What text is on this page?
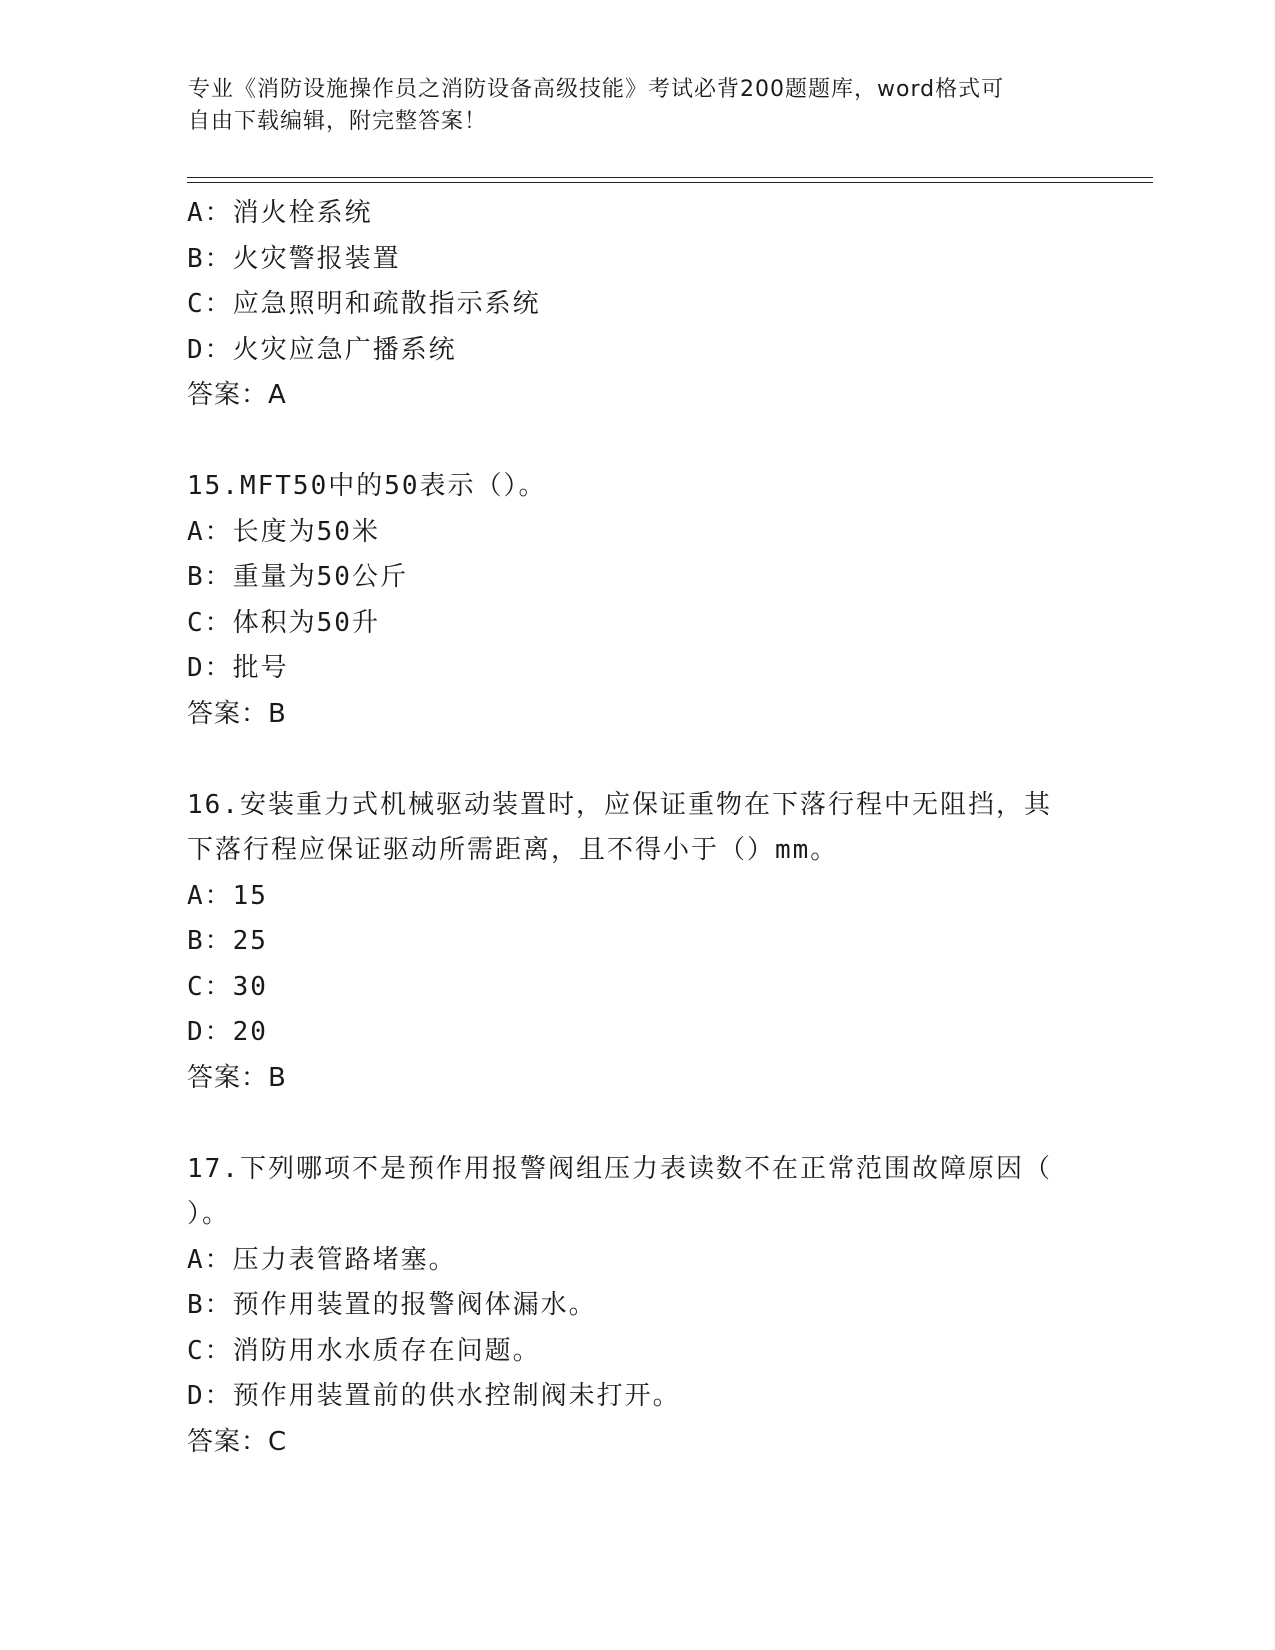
专业《消防设施操作员之消防设备高级技能》考试必背200题题库，word格式可
自由下载编辑，附完整答案！
A：消火栓系统
B：火灾警报装置
C：应急照明和疏散指示系统
D：火灾应急广播系统
答案：A
15.MFT50中的50表示（）。
A：长度为50米
B：重量为50公斤
C：体积为50升
D：批号
答案：B
16.安装重力式机械驱动装置时，应保证重物在下落行程中无阻挡，其
下落行程应保证驱动所需距离，且不得小于（）mm。
A：15
B：25
C：30
D：20
答案：B
17.下列哪项不是预作用报警阀组压力表读数不在正常范围故障原因（
）。
A：压力表管路堵塞。
B：预作用装置的报警阀体漏水。
C：消防用水水质存在问题。
D：预作用装置前的供水控制阀未打开。
答案：C
